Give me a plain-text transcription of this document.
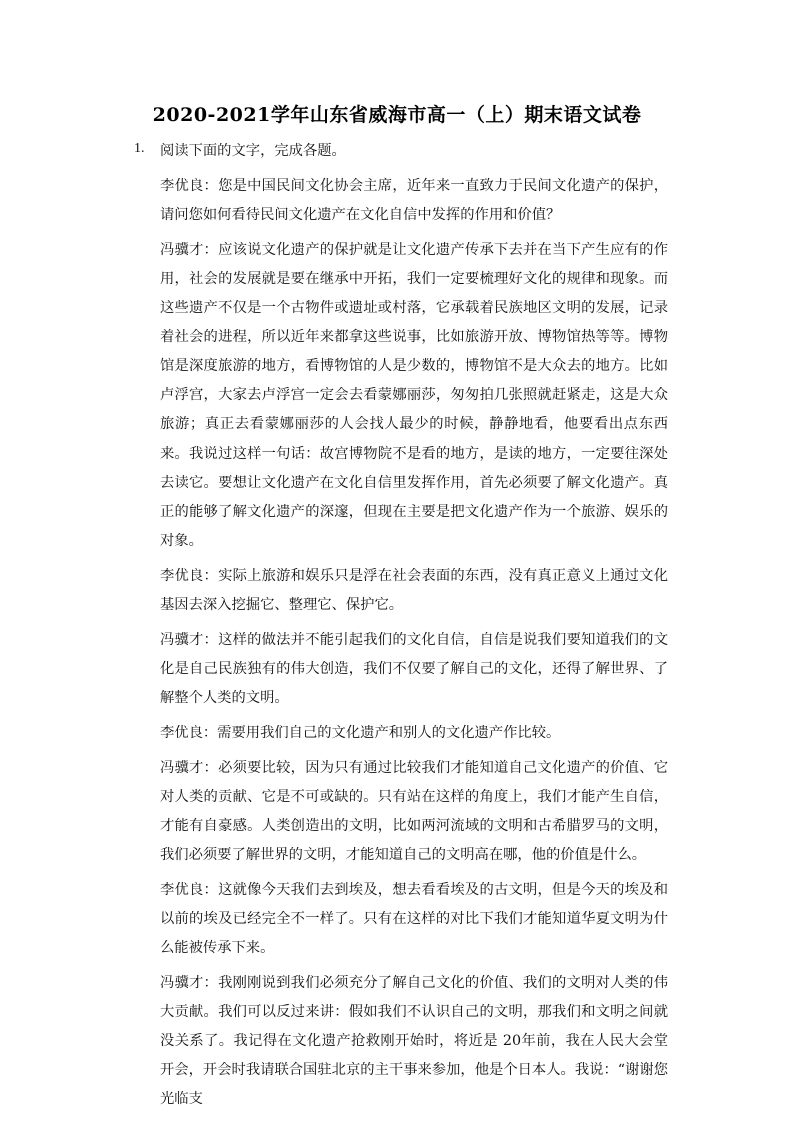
2020-2021学年山东省威海市高一（上）期末语文试卷
1. 阅读下面的文字，完成各题。

李优良：您是中国民间文化协会主席，近年来一直致力于民间文化遗产的保护，请问您如何看待民间文化遗产在文化自信中发挥的作用和价值？

冯骥才：应该说文化遗产的保护就是让文化遗产传承下去并在当下产生应有的作用，社会的发展就是要在继承中开拓，我们一定要梳理好文化的规律和现象。而这些遗产不仅是一个古物件或遗址或村落，它承载着民族地区文明的发展，记录着社会的进程，所以近年来都拿这些说事，比如旅游开放、博物馆热等等。博物馆是深度旅游的地方，看博物馆的人是少数的，博物馆不是大众去的地方。比如卢浮宫，大家去卢浮宫一定会去看蒙娜丽莎，匆匆拍几张照就赶紧走，这是大众旅游；真正去看蒙娜丽莎的人会找人最少的时候，静静地看，他要看出点东西来。我说过这样一句话：故宫博物院不是看的地方，是读的地方，一定要往深处去读它。要想让文化遗产在文化自信里发挥作用，首先必须要了解文化遗产。真正的能够了解文化遗产的深邃，但现在主要是把文化遗产作为一个旅游、娱乐的对象。

李优良：实际上旅游和娱乐只是浮在社会表面的东西，没有真正意义上通过文化基因去深入挖掘它、整理它、保护它。

冯骥才：这样的做法并不能引起我们的文化自信，自信是说我们要知道我们的文化是自己民族独有的伟大创造，我们不仅要了解自己的文化，还得了解世界、了解整个人类的文明。

李优良：需要用我们自己的文化遗产和别人的文化遗产作比较。

冯骥才：必须要比较，因为只有通过比较我们才能知道自己文化遗产的价值、它对人类的贡献、它是不可或缺的。只有站在这样的角度上，我们才能产生自信，才能有自豪感。人类创造出的文明，比如两河流域的文明和古希腊罗马的文明，我们必须要了解世界的文明，才能知道自己的文明高在哪，他的价值是什么。

李优良：这就像今天我们去到埃及，想去看看埃及的古文明，但是今天的埃及和以前的埃及已经完全不一样了。只有在这样的对比下我们才能知道华夏文明为什么能被传承下来。

冯骥才：我刚刚说到我们必须充分了解自己文化的价值、我们的文明对人类的伟大贡献。我们可以反过来讲：假如我们不认识自己的文明，那我们和文明之间就没关系了。我记得在文化遗产抢救刚开始时，将近是 20年前，我在人民大会堂开会，开会时我请联合国驻北京的主干事来参加，他是个日本人。我说：“谢谢您光临支
